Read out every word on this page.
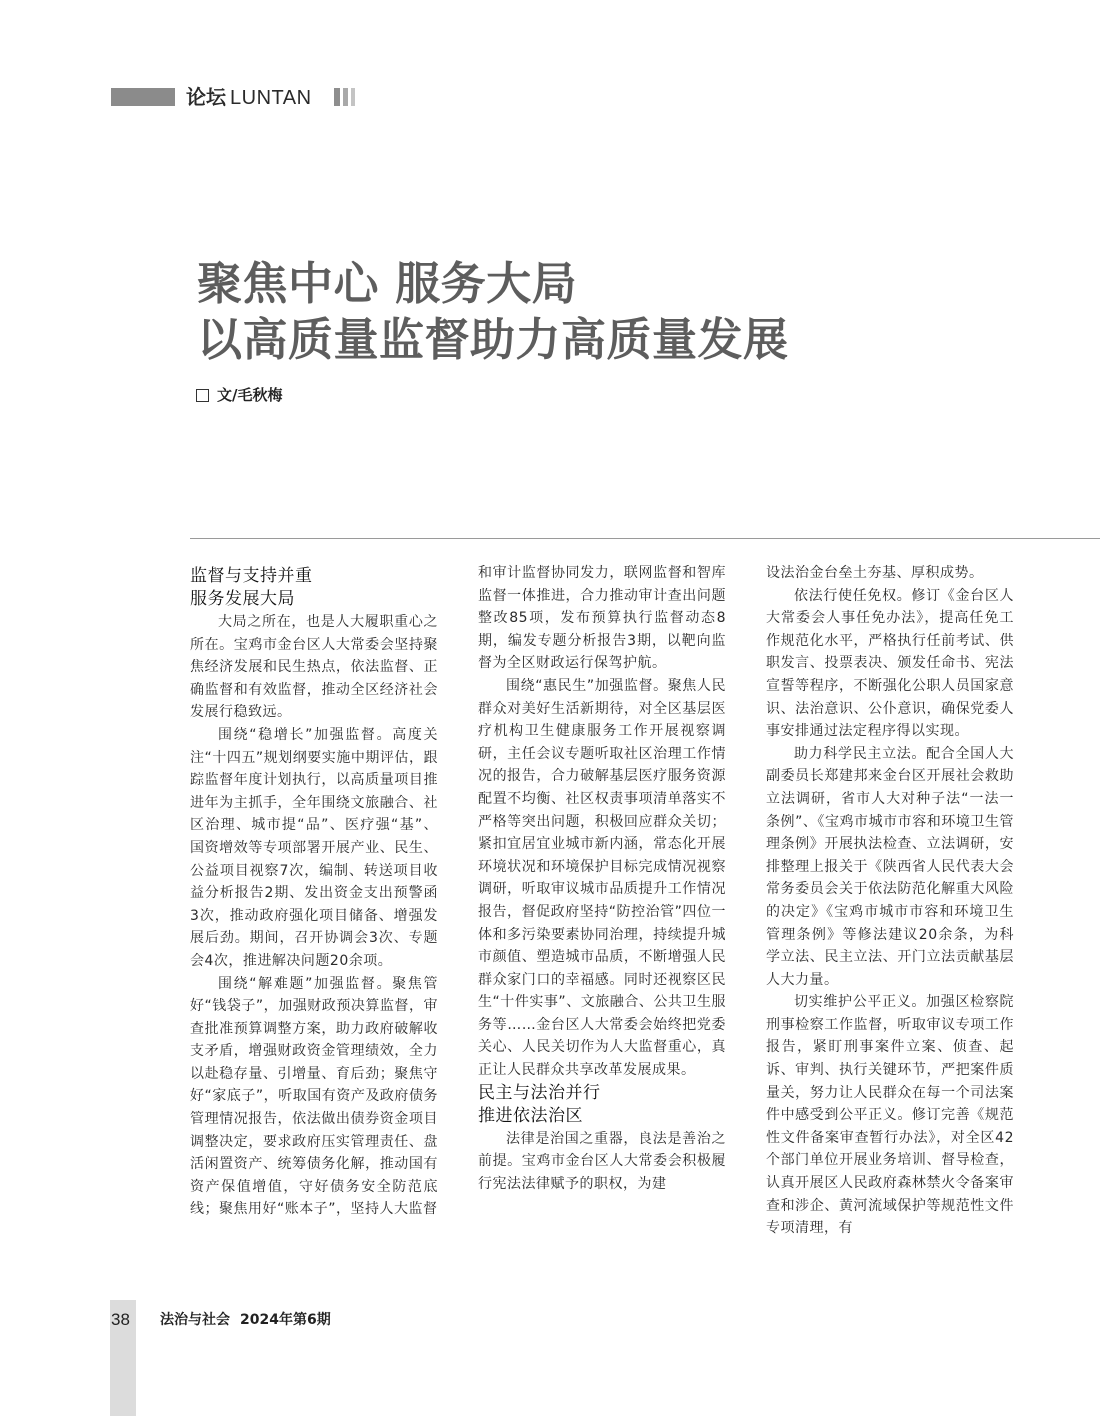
论坛 LUNTAN
聚焦中心 服务大局
以高质量监督助力高质量发展
文/毛秋梅
监督与支持并重
服务发展大局

大局之所在，也是人大履职重心之所在。宝鸡市金台区人大常委会坚持聚焦经济发展和民生热点，依法监督、正确监督和有效监督，推动全区经济社会发展行稳致远。

围绕“稳增长”加强监督。高度关注“十四五”规划纲要实施中期评估，跟踪监督年度计划执行，以高质量项目推进年为主抓手，全年围绕文旅融合、社区治理、城市提“品”、医疗强“基”、国资增效等专项部署开展产业、民生、公益项目视察7次，编制、转送项目收益分析报告2期、发出资金支出预警函3次，推动政府强化项目储备、增强发展后劲。期间，召开协调会3次、专题会4次，推进解决问题20余项。

围绕“解难题”加强监督。聚焦管好“钱袋子”，加强财政预决算监督，审查批准预算调整方案，助力政府破解收支矛盾，增强财政资金管理绩效，全力以赴稳存量、引增量、育后劲；聚焦守好“家底子”，听取国有资产及政府债务管理情况报告，依法做出债券资金项目调整决定，要求政府压实管理责任、盘活闲置资产、统筹债务化解，推动国有资产保值增值，守好债务安全防范底线；聚焦用好“账本子”，坚持人大监督

和审计监督协同发力，联网监督和智库监督一体推进，合力推动审计查出问题整改85项，发布预算执行监督动态8期，编发专题分析报告3期，以靶向监督为全区财政运行保驾护航。

围绕“惠民生”加强监督。聚焦人民群众对美好生活新期待，对全区基层医疗机构卫生健康服务工作开展视察调研，主任会议专题听取社区治理工作情况的报告，合力破解基层医疗服务资源配置不均衡、社区权责事项清单落实不严格等突出问题，积极回应群众关切；紧扣宜居宜业城市新内涵，常态化开展环境状况和环境保护目标完成情况视察调研，听取审议城市品质提升工作情况报告，督促政府坚持“防控治管”四位一体和多污染要素协同治理，持续提升城市颜值、塑造城市品质，不断增强人民群众家门口的幸福感。同时还视察区民生“十件实事”、文旅融合、公共卫生服务等……金台区人大常委会始终把党委关心、人民关切作为人大监督重心，真正让人民群众共享改革发展成果。

民主与法治并行
推进依法治区

法律是治国之重器，良法是善治之前提。宝鸡市金台区人大常委会积极履行宪法法律赋予的职权，为建

设法治金台垒土夯基、厚积成势。

依法行使任免权。修订《金台区人大常委会人事任免办法》，提高任免工作规范化水平，严格执行任前考试、供职发言、投票表决、颁发任命书、宪法宣誓等程序，不断强化公职人员国家意识、法治意识、公仆意识，确保党委人事安排通过法定程序得以实现。

助力科学民主立法。配合全国人大副委员长郑建邦来金台区开展社会救助立法调研，省市人大对种子法“一法一条例”、《宝鸡市城市市容和环境卫生管理条例》开展执法检查、立法调研，安排整理上报关于《陕西省人民代表大会常务委员会关于依法防范化解重大风险的决定》《宝鸡市城市市容和环境卫生管理条例》等修法建议20余条，为科学立法、民主立法、开门立法贡献基层人大力量。

切实维护公平正义。加强区检察院刑事检察工作监督，听取审议专项工作报告，紧盯刑事案件立案、侦查、起诉、审判、执行关键环节，严把案件质量关，努力让人民群众在每一个司法案件中感受到公平正义。修订完善《规范性文件备案审查暂行办法》，对全区42个部门单位开展业务培训、督导检查，认真开展区人民政府森林禁火令备案审查和涉企、黄河流域保护等规范性文件专项清理，有

38 法治与社会 2024年第6期
